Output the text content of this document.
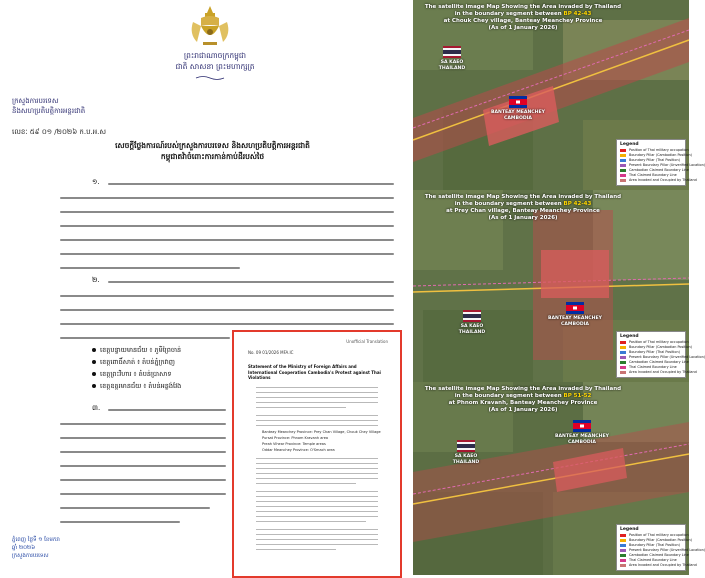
ព្រះរាជាណាចក្រកម្ពុជា
ជាតិ សាសនា ព្រះមហាក្សត្រ
ក្រសួងការបរទេស
និងសហប្រតិបត្តិការអន្តរជាតិ
លេខៈ ៥៩ ០១ /២០២៦ ក.ប.អ.ស
សេចក្តីថ្លែងការណ៍របស់ក្រសួងការបរទេស និងសហប្រតិបត្តិការអន្តរជាតិ
កម្ពុជាតវ៉ាចំពោះការកាន់កាប់ដីរបស់ថៃ
១.
២.
ខេត្តបន្ទាយមានជ័យ ៖ ភូមិព្រៃចាន់
ខេត្តពោធិ៍សាត់ ៖ តំបន់ភ្នំក្រវាញ
ខេត្តព្រះវិហារ ៖ តំបន់ប្រាសាទ
ខេត្តឧត្តរមានជ័យ ៖ តំបន់អន្លង់វែង
៣.
ភ្នំពេញ ថ្ងៃទី ១ ខែមករា
ឆ្នាំ ២០២៦
ក្រសួងការបរទេស
Unofficial Translation
No. 09 01/2026 MFA.IC
Statement of the Ministry of Foreign Affairs and International Cooperation Cambodia's Protest against Thai Violations
Banteay Meanchey Province: Prey Chan Village, Chouk Chey Village
Pursat Province: Phnom Kravanh area
Preah Vihear Province: Temple areas
Oddar Meanchey Province: O'Smach area
The satellite image Map Showing the Area invaded by Thailand
in the boundary segment between BP 42-43
at Chouk Chey village, Banteay Meanchey Province
(As of 1 January 2026)
SA KAEO
THAILAND
BANTEAY MEANCHEY
CAMBODIA
Legend
Position of Thai military occupation
Boundary Pillar (Cambodian Position)
Boundary Pillar (Thai Position)
Present Boundary Pillar (Unverified Location)
Cambodian Claimed Boundary Line
Thai Claimed Boundary Line
Area Invaded and Occupied by Thailand
The satellite image Map Showing the Area invaded by Thailand
in the boundary segment between BP 42-43
at Prey Chan village, Banteay Meanchey Province
(As of 1 January 2026)
SA KAEO
THAILAND
BANTEAY MEANCHEY
CAMBODIA
Legend
Position of Thai military occupation
Boundary Pillar (Cambodian Position)
Boundary Pillar (Thai Position)
Present Boundary Pillar (Unverified Location)
Cambodian Claimed Boundary Line
Thai Claimed Boundary Line
Area Invaded and Occupied by Thailand
The satellite image Map Showing the Area invaded by Thailand
in the boundary segment between BP 51-52
at Phnom Kravanh, Banteay Meanchey Province
(As of 1 January 2026)
SA KAEO
THAILAND
BANTEAY MEANCHEY
CAMBODIA
Legend
Position of Thai military occupation
Boundary Pillar (Cambodian Position)
Boundary Pillar (Thai Position)
Present Boundary Pillar (Unverified Location)
Cambodian Claimed Boundary Line
Thai Claimed Boundary Line
Area Invaded and Occupied by Thailand
